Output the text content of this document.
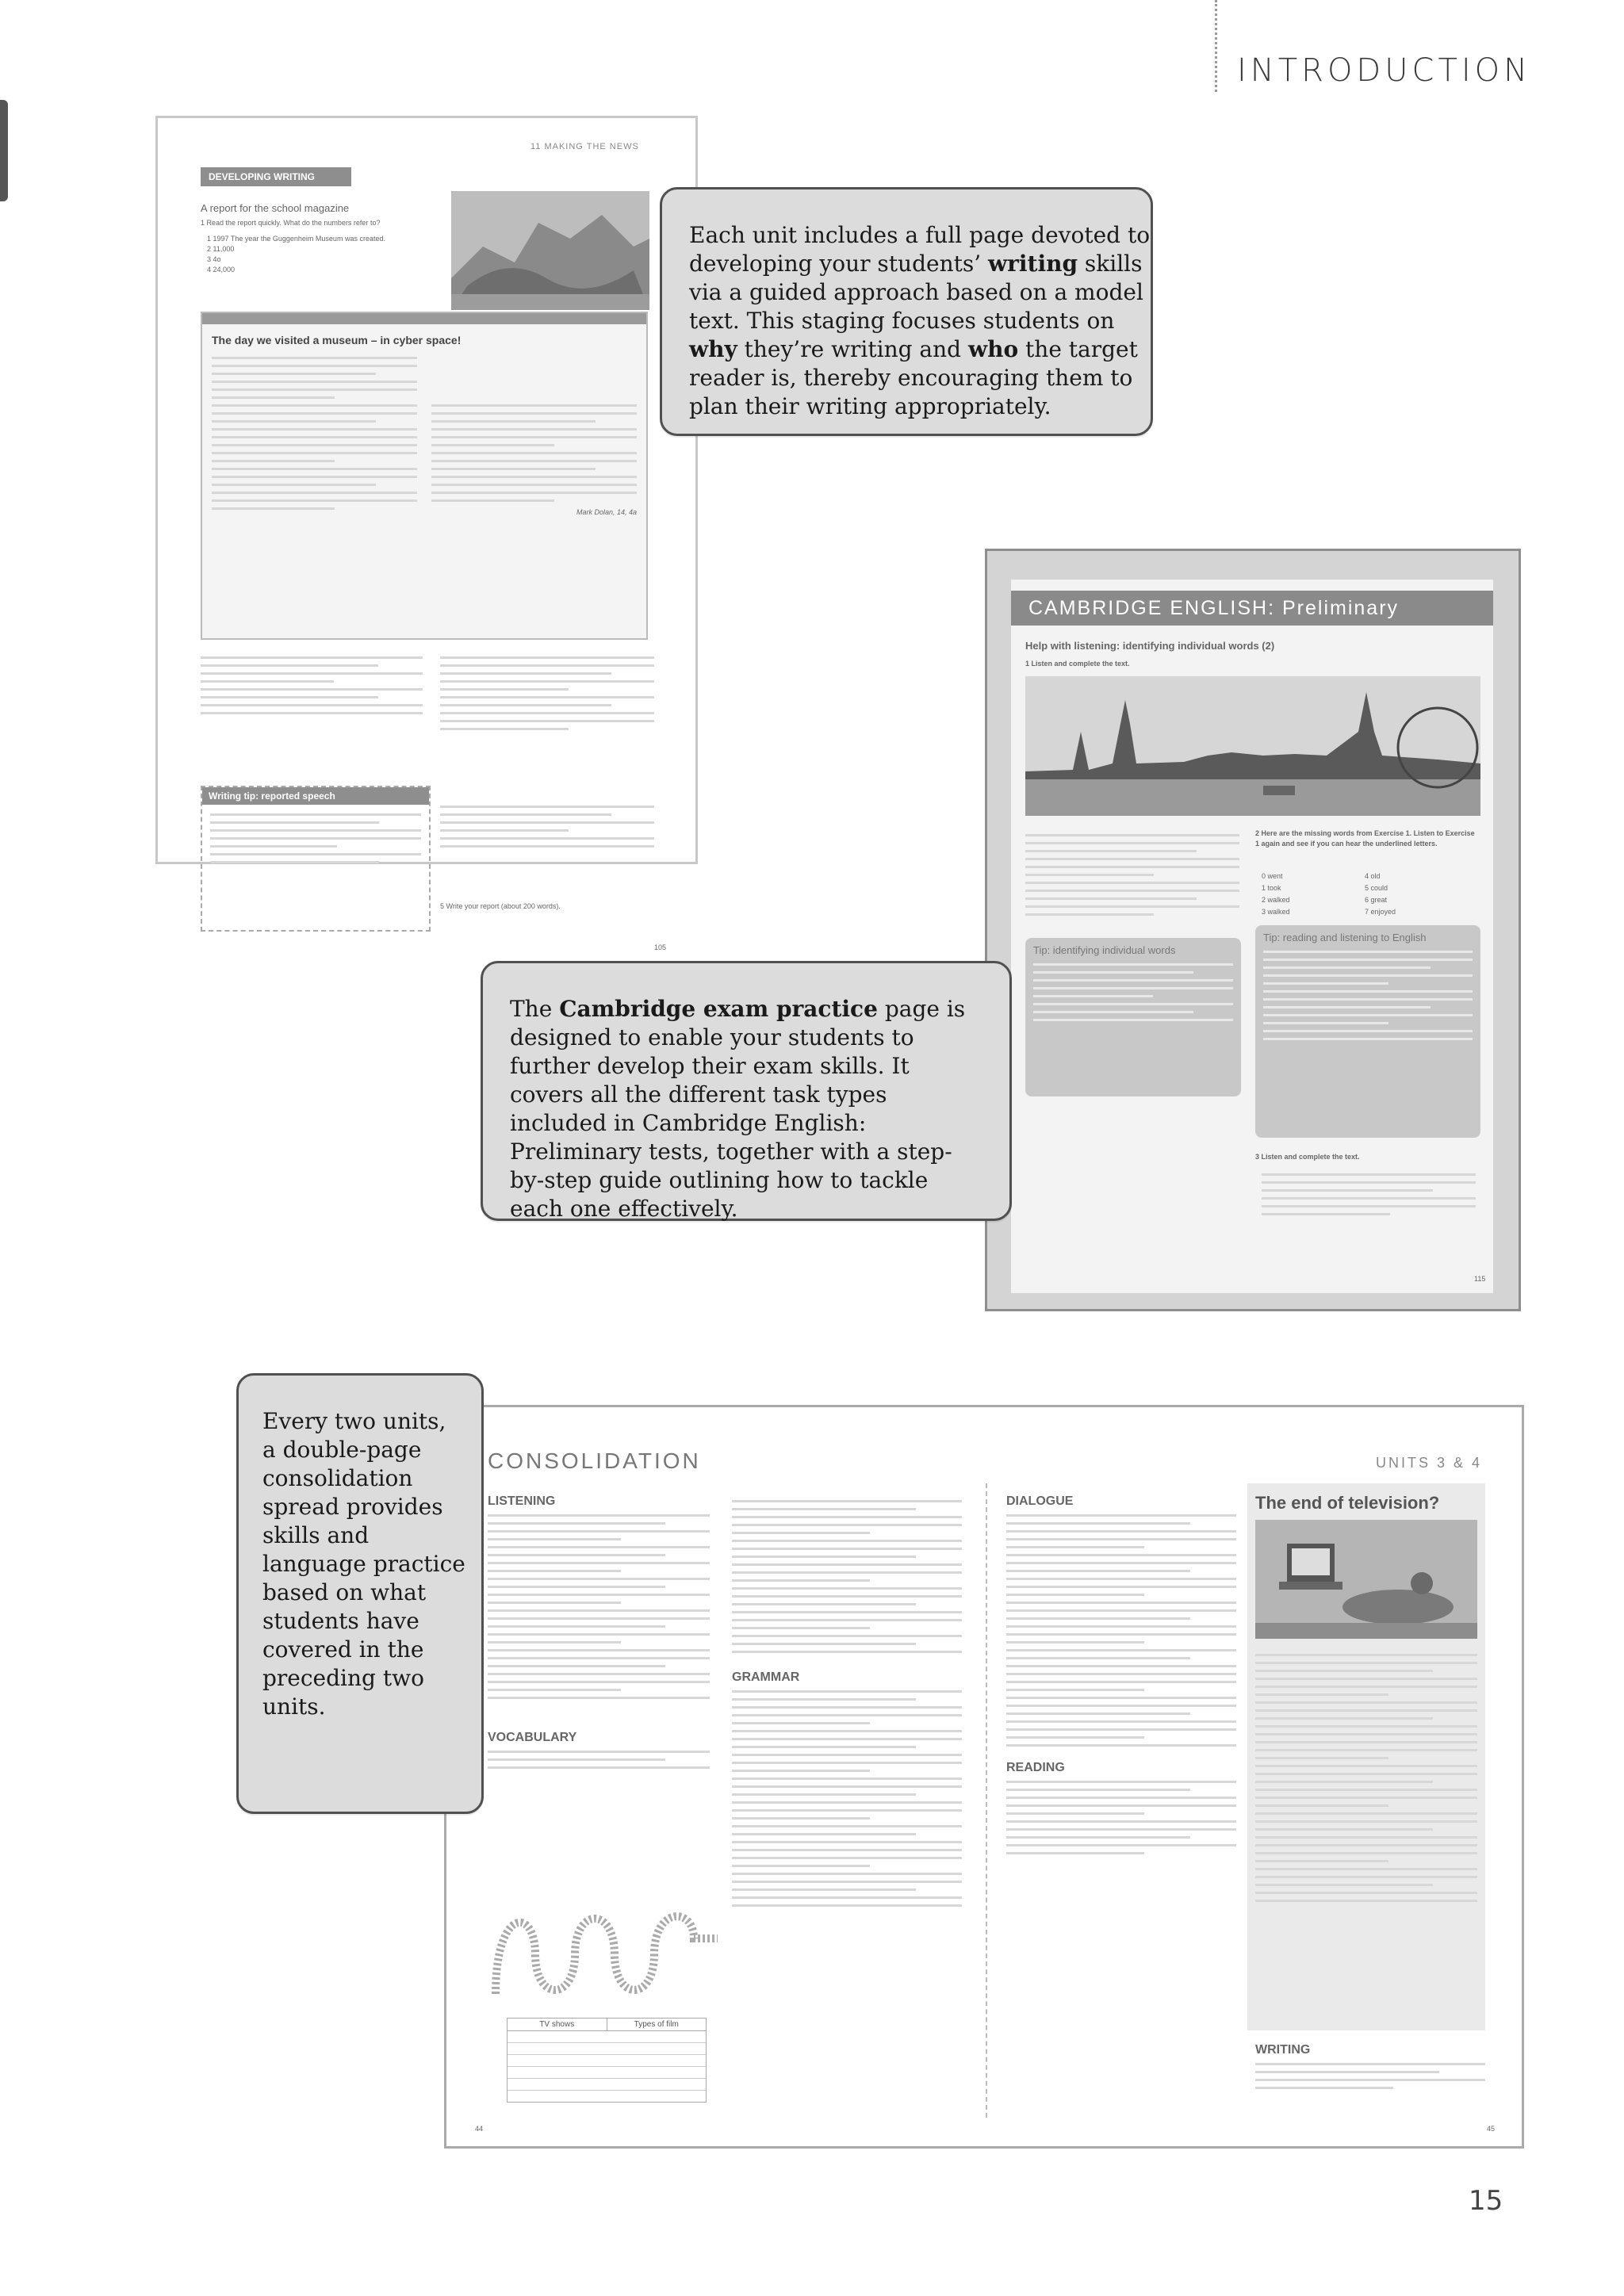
INTRODUCTION
11 MAKING THE NEWS
DEVELOPING WRITING
A report for the school magazine
1 Read the report quickly. What do the numbers refer to?
1 1997 The year the Guggenheim Museum was created.
2 11,000
3 4o
4 24,000
The day we visited a museum – in cyber space!
Mark Dolan, 14, 4a
Writing tip: reported speech
5 Write your report (about 200 words).
105
Each unit includes a full page devoted to developing your students’ writing skills via a guided approach based on a model text. This staging focuses students on why they’re writing and who the target reader is, thereby encouraging them to plan their writing appropriately.
CAMBRIDGE ENGLISH: Preliminary
Help with listening: identifying individual words (2)
1 Listen and complete the text.
2 Here are the missing words from Exercise 1. Listen to Exercise 1 again and see if you can hear the underlined letters.
0 went	4 old
1 took	5 could
2 walked	6 great
3 walked	7 enjoyed
Tip: identifying individual words
Tip: reading and listening to English
3 Listen and complete the text.
115
The Cambridge exam practice page is designed to enable your students to further develop their exam skills. It covers all the different task types included in Cambridge English: Preliminary tests, together with a step-by-step guide outlining how to tackle each one effectively.
CONSOLIDATION	UNITS 3 & 4
LISTENING
VOCABULARY
TV shows	Types of film
GRAMMAR
DIALOGUE
READING
The end of television?
WRITING
44	45
Every two units, a double-page consolidation spread provides skills and language practice based on what students have covered in the preceding two units.
15
